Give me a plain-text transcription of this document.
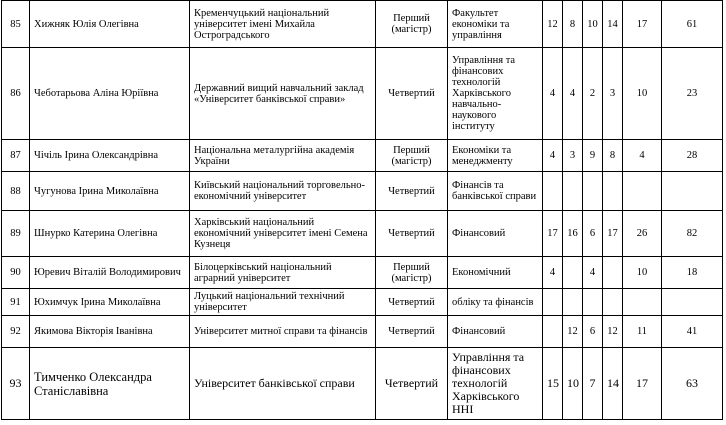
85	Хижняк Юлія Олегівна	Кременчуцький національний університет імені Михайла Остроградського	Перший (магістр)	Факультет економіки та управління	12	8	10	14	17	61
86	Чеботарьова Аліна Юріївна	Державний вищий навчальний заклад «Університет банківської справи»	Четвертий	Управління та фінансових технологій Харківського навчально-наукового інституту	4	4	2	3	10	23
87	Чічіль Ірина Олександрівна	Національна металургійна академія України	Перший (магістр)	Економіки та менеджменту	4	3	9	8	4	28
88	Чугунова Ірина Миколаївна	Київський національний торговельно-економічний університет	Четвертий	Фінансів та банківської справи						
89	Шнурко Катерина Олегівна	Харківський національний економічний університет імені Семена Кузнеця	Четвертий	Фінансовий	17	16	6	17	26	82
90	Юревич Віталій Володимирович	Білоцерківський національний аграрний університет	Перший (магістр)	Економічний	4		4		10	18
91	Юхимчук Ірина Миколаївна	Луцький національний технічний університет	Четвертий	обліку та фінансів						
92	Якимова Вікторія Іванівна	Університет митної справи та фінансів	Четвертий	Фінансовий		12	6	12	11	41
93	Тимченко Олександра Станіславівна	Університет банківської справи	Четвертий	Управління та фінансових технологій Харківського ННІ	15	10	7	14	17	63
